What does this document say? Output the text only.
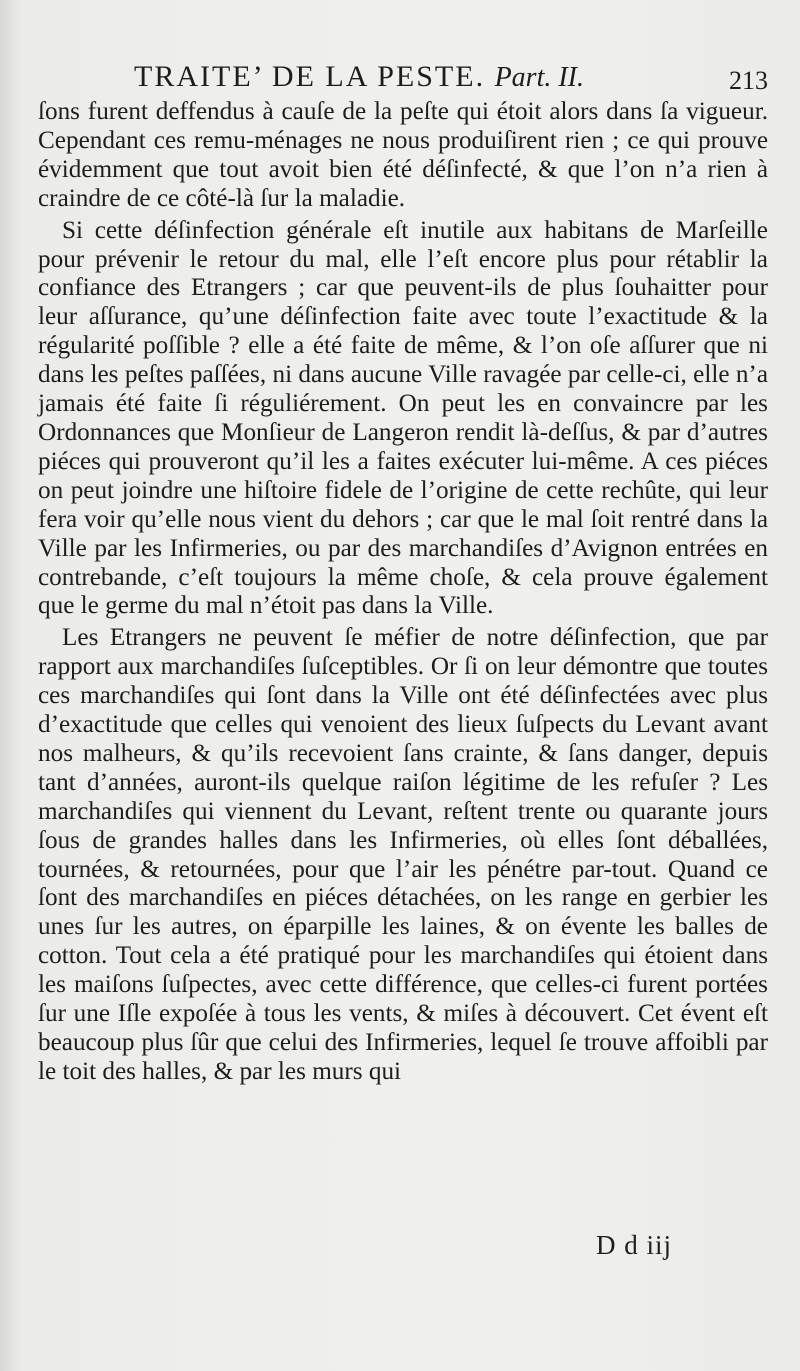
TRAITE’ DE LA PESTE. Part. II.	213

ſons furent deffendus à cauſe de la peſte qui étoit alors dans ſa vigueur. Cependant ces remu-ménages ne nous produiſirent rien ; ce qui prouve évidemment que tout avoit bien été déſinfecté, & que l’on n’a rien à craindre de ce côté-là ſur la maladie.

Si cette déſinfection générale eſt inutile aux habitans de Marſeille pour prévenir le retour du mal, elle l’eſt encore plus pour rétablir la confiance des Etrangers ; car que peuvent-ils de plus ſouhaitter pour leur aſſurance, qu’une déſinfection faite avec toute l’exactitude & la régularité poſſible ? elle a été faite de même, & l’on oſe aſſurer que ni dans les peſtes paſſées, ni dans aucune Ville ravagée par celle-ci, elle n’a jamais été faite ſi réguliérement. On peut les en convaincre par les Ordonnances que Monſieur de Langeron rendit là-deſſus, & par d’autres piéces qui prouveront qu’il les a faites exécuter lui-même. A ces piéces on peut joindre une hiſtoire fidele de l’origine de cette rechûte, qui leur fera voir qu’elle nous vient du dehors ; car que le mal ſoit rentré dans la Ville par les Infirmeries, ou par des marchandiſes d’Avignon entrées en contrebande, c’eſt toujours la même choſe, & cela prouve également que le germe du mal n’étoit pas dans la Ville.

Les Etrangers ne peuvent ſe méfier de notre déſinfection, que par rapport aux marchandiſes ſuſceptibles. Or ſi on leur démontre que toutes ces marchandiſes qui ſont dans la Ville ont été déſinfectées avec plus d’exactitude que celles qui venoient des lieux ſuſpects du Levant avant nos malheurs, & qu’ils recevoient ſans crainte, & ſans danger, depuis tant d’années, auront-ils quelque raiſon légitime de les refuſer ? Les marchandiſes qui viennent du Levant, reſtent trente ou quarante jours ſous de grandes halles dans les Infirmeries, où elles ſont déballées, tournées, & retournées, pour que l’air les pénétre par-tout. Quand ce ſont des marchandiſes en piéces détachées, on les range en gerbier les unes ſur les autres, on éparpille les laines, & on évente les balles de cotton. Tout cela a été pratiqué pour les marchandiſes qui étoient dans les maiſons ſuſpectes, avec cette différence, que celles-ci furent portées ſur une Iſle expoſée à tous les vents, & miſes à découvert. Cet évent eſt beaucoup plus ſûr que celui des Infirmeries, lequel ſe trouve affoibli par le toit des halles, & par les murs qui

D d iij
